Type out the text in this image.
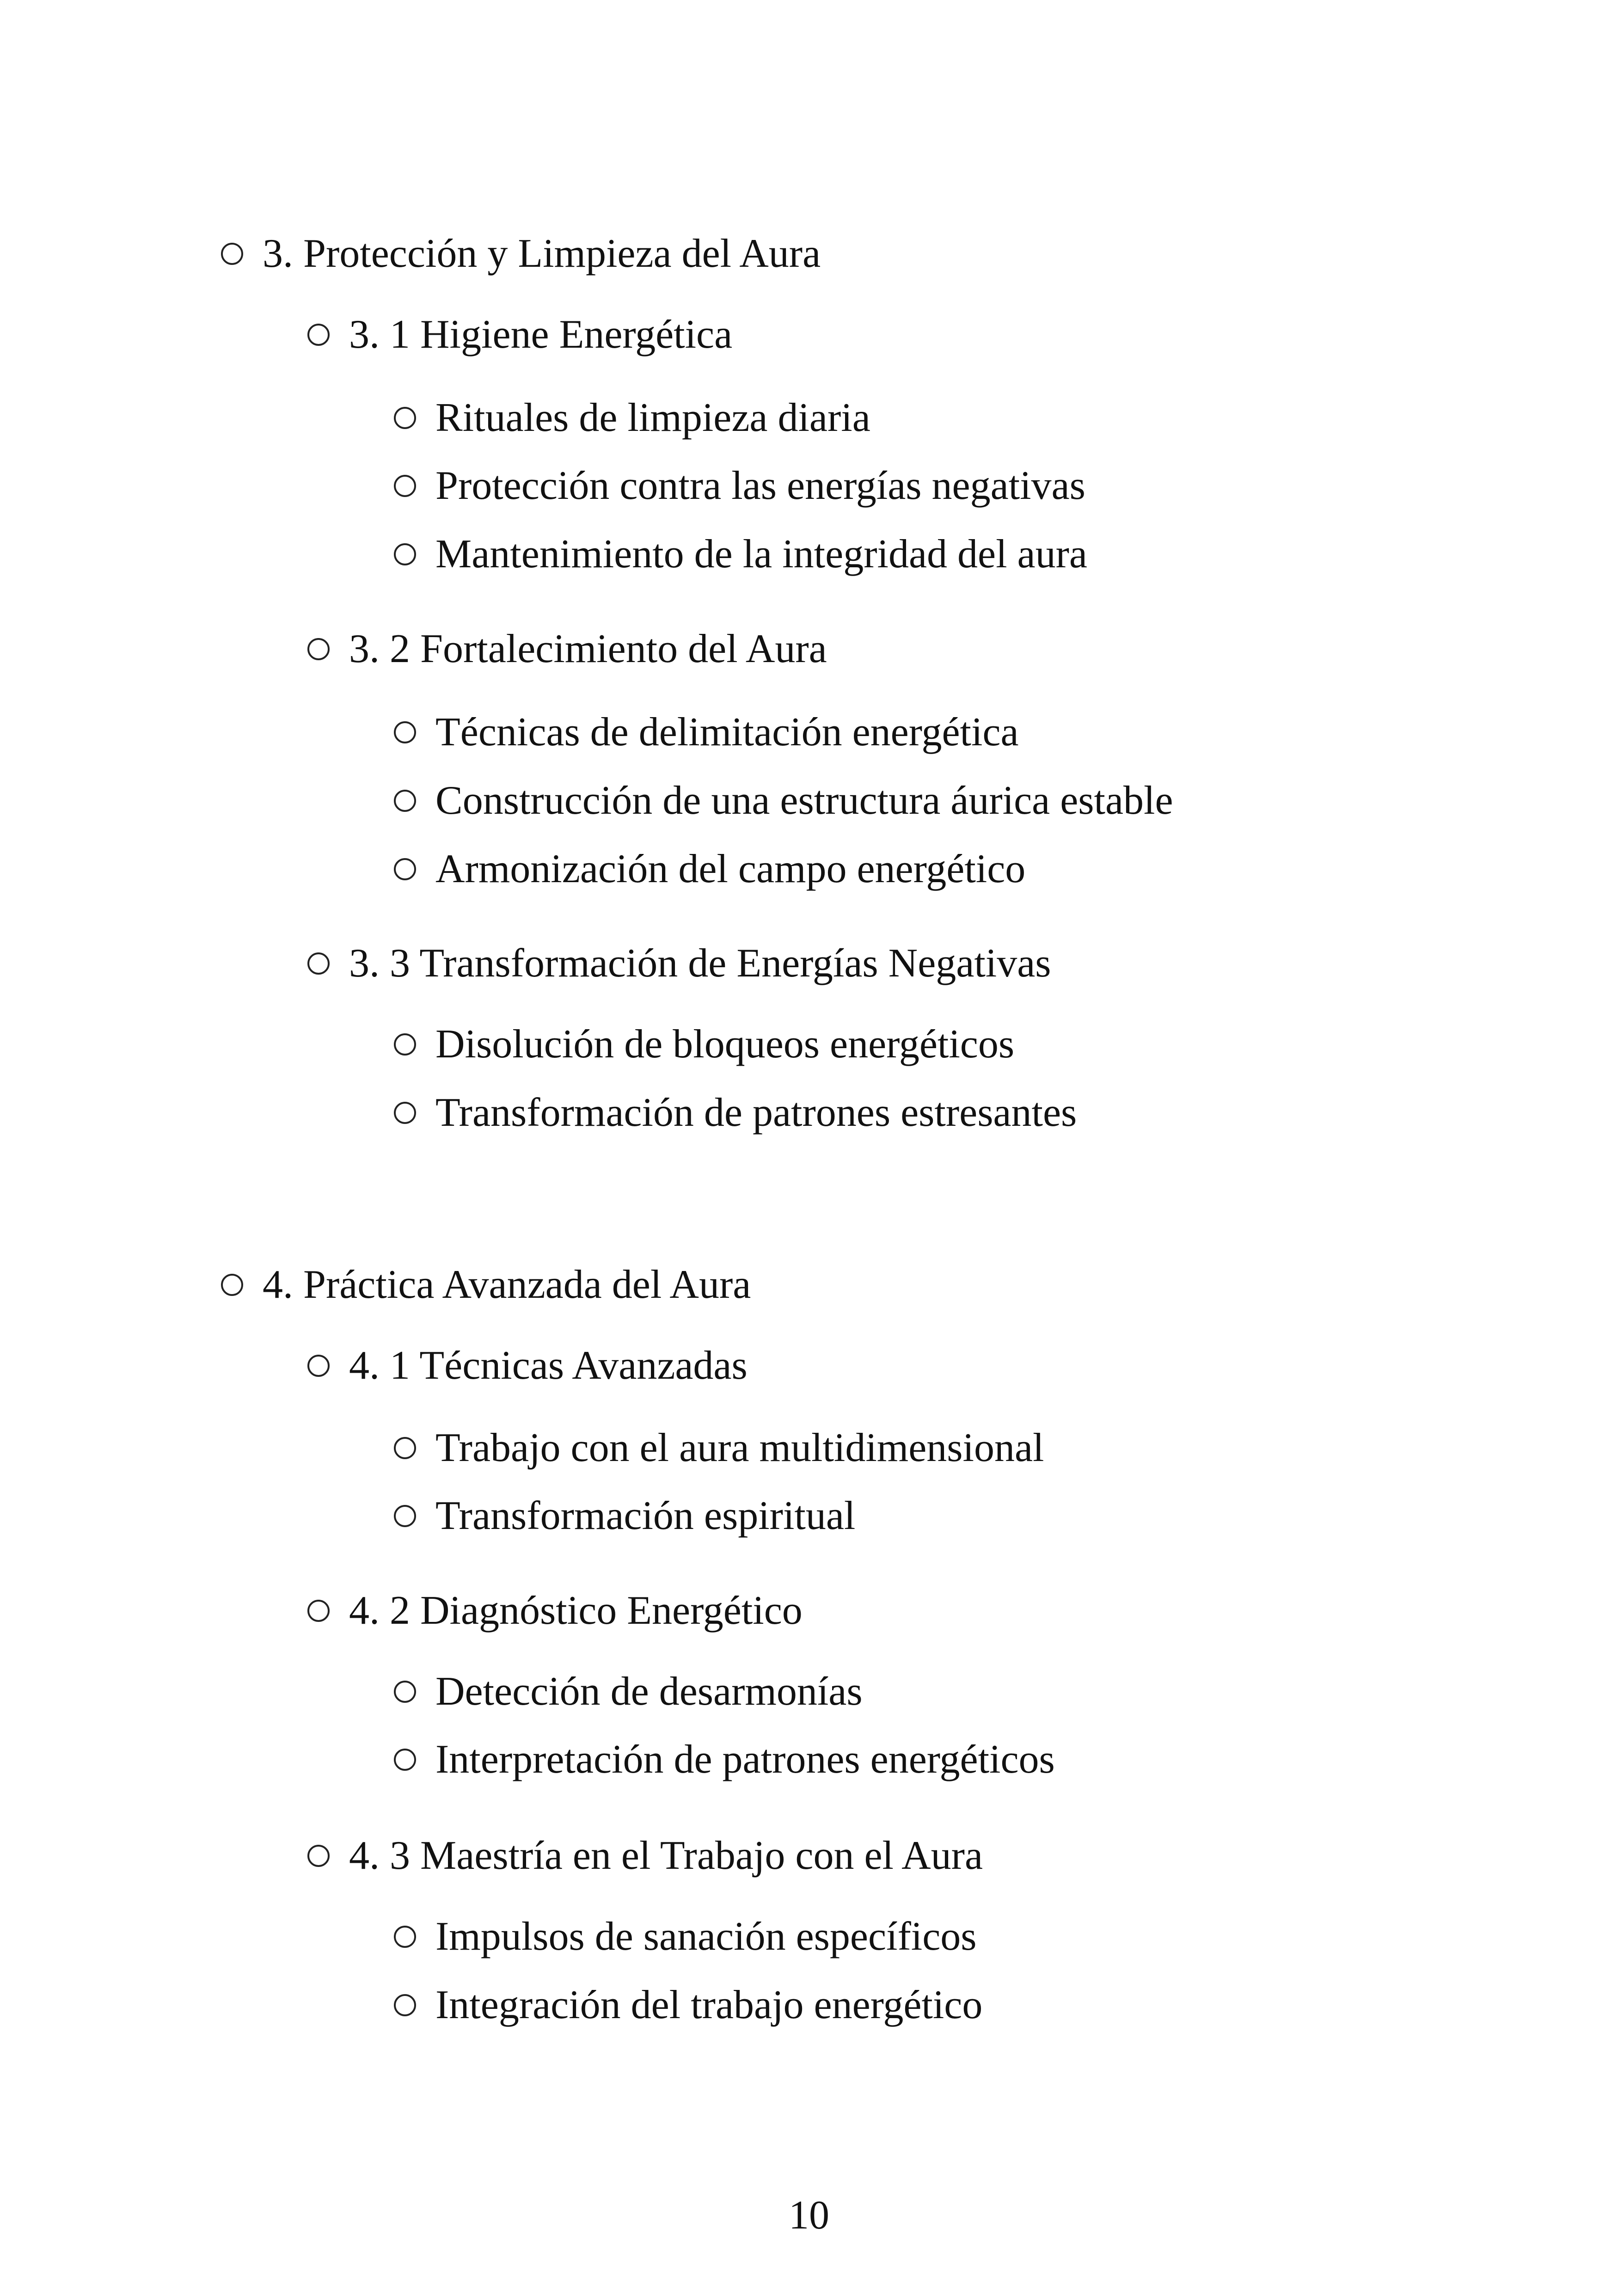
3. Protección y Limpieza del Aura
3. 1 Higiene Energética
Rituales de limpieza diaria
Protección contra las energías negativas
Mantenimiento de la integridad del aura
3. 2 Fortalecimiento del Aura
Técnicas de delimitación energética
Construcción de una estructura áurica estable
Armonización del campo energético
3. 3 Transformación de Energías Negativas
Disolución de bloqueos energéticos
Transformación de patrones estresantes
4. Práctica Avanzada del Aura
4. 1 Técnicas Avanzadas
Trabajo con el aura multidimensional
Transformación espiritual
4. 2 Diagnóstico Energético
Detección de desarmonías
Interpretación de patrones energéticos
4. 3 Maestría en el Trabajo con el Aura
Impulsos de sanación específicos
Integración del trabajo energético
10
